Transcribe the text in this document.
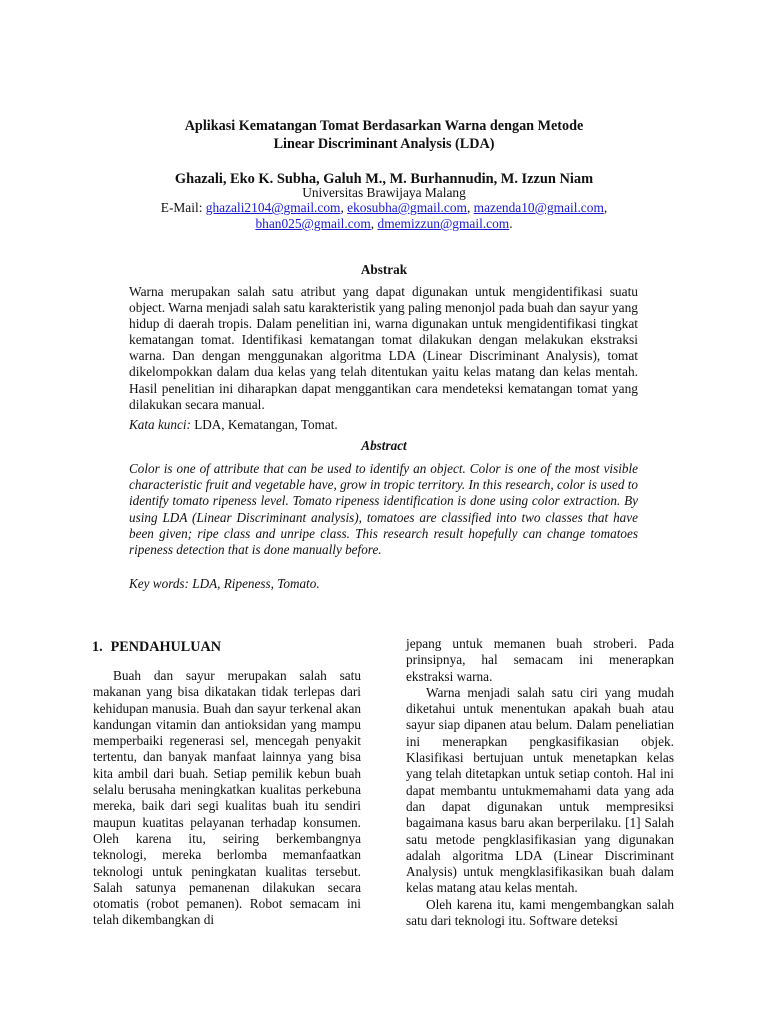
Aplikasi Kematangan Tomat Berdasarkan Warna dengan Metode
Linear Discriminant Analysis (LDA)
Ghazali, Eko K. Subha, Galuh M., M. Burhannudin, M. Izzun Niam
Universitas Brawijaya Malang
E-Mail: ghazali2104@gmail.com, ekosubha@gmail.com, mazenda10@gmail.com,
bhan025@gmail.com, dmemizzun@gmail.com.
Abstrak

Warna merupakan salah satu atribut yang dapat digunakan untuk mengidentifikasi suatu object. Warna menjadi salah satu karakteristik yang paling menonjol pada buah dan sayur yang hidup di daerah tropis. Dalam penelitian ini, warna digunakan untuk mengidentifikasi tingkat kematangan tomat. Identifikasi kematangan tomat dilakukan dengan melakukan ekstraksi warna. Dan dengan menggunakan algoritma LDA (Linear Discriminant Analysis), tomat dikelompokkan dalam dua kelas yang telah ditentukan yaitu kelas matang dan kelas mentah. Hasil penelitian ini diharapkan dapat menggantikan cara mendeteksi kematangan tomat yang dilakukan secara manual.

Kata kunci: LDA, Kematangan, Tomat.

Abstract

Color is one of attribute that can be used to identify an object. Color is one of the most visible characteristic fruit and vegetable have, grow in tropic territory. In this research, color is used to identify tomato ripeness level. Tomato ripeness identification is done using color extraction. By using LDA (Linear Discriminant analysis), tomatoes are classified into two classes that have been given; ripe class and unripe class. This research result hopefully can change tomatoes ripeness detection that is done manually before.

Key words: LDA, Ripeness, Tomato.

1. PENDAHULUAN

Buah dan sayur merupakan salah satu makanan yang bisa dikatakan tidak terlepas dari kehidupan manusia. Buah dan sayur terkenal akan kandungan vitamin dan antioksidan yang mampu memperbaiki regenerasi sel, mencegah penyakit tertentu, dan banyak manfaat lainnya yang bisa kita ambil dari buah. Setiap pemilik kebun buah selalu berusaha meningkatkan kualitas perkebuna mereka, baik dari segi kualitas buah itu sendiri maupun kuatitas pelayanan terhadap konsumen. Oleh karena itu, seiring berkembangnya teknologi, mereka berlomba memanfaatkan teknologi untuk peningkatan kualitas tersebut. Salah satunya pemanenan dilakukan secara otomatis (robot pemanen). Robot semacam ini telah dikembangkan di

jepang untuk memanen buah stroberi. Pada prinsipnya, hal semacam ini menerapkan ekstraksi warna.

Warna menjadi salah satu ciri yang mudah diketahui untuk menentukan apakah buah atau sayur siap dipanen atau belum. Dalam peneliatian ini menerapkan pengkasifikasian objek. Klasifikasi bertujuan untuk menetapkan kelas yang telah ditetapkan untuk setiap contoh. Hal ini dapat membantu untukmemahami data yang ada dan dapat digunakan untuk mempresiksi bagaimana kasus baru akan berperilaku. [1] Salah satu metode pengklasifikasian yang digunakan adalah algoritma LDA (Linear Discriminant Analysis) untuk mengklasifikasikan buah dalam kelas matang atau kelas mentah.

Oleh karena itu, kami mengembangkan salah satu dari teknologi itu. Software deteksi
